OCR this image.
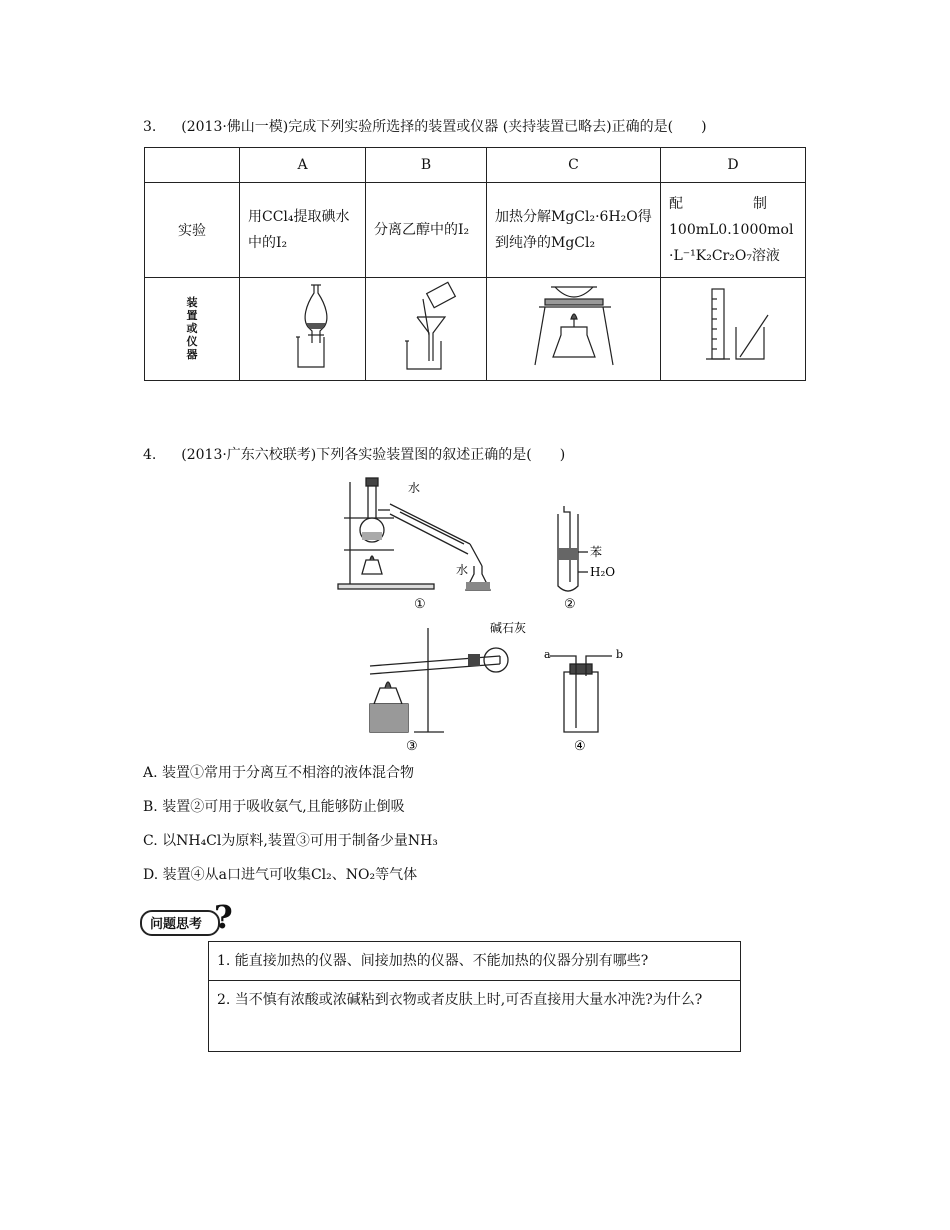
3. (2013·佛山一模)完成下列实验所选择的装置或仪器 (夹持装置已略去)正确的是(　　)
	A	B	C	D
实验	用CCl₄提取碘水中的I₂	分离乙醇中的I₂	加热分解MgCl₂·6H₂O得到纯净的MgCl₂	配　　　　　制
100mL0.1000mol
·L⁻¹K₂Cr₂O₇溶液

装置或仪器				
4. (2013·广东六校联考)下列各实验装置图的叙述正确的是(　　)
水
水
①
苯
H₂O
②
碱石灰
③
a	b
④
A. 装置①常用于分离互不相溶的液体混合物
B. 装置②可用于吸收氨气,且能够防止倒吸
C. 以NH₄Cl为原料,装置③可用于制备少量NH₃
D. 装置④从a口进气可收集Cl₂、NO₂等气体
问题思考 ?
1. 能直接加热的仪器、间接加热的仪器、不能加热的仪器分别有哪些?
2. 当不慎有浓酸或浓碱粘到衣物或者皮肤上时,可否直接用大量水冲洗?为什么?
